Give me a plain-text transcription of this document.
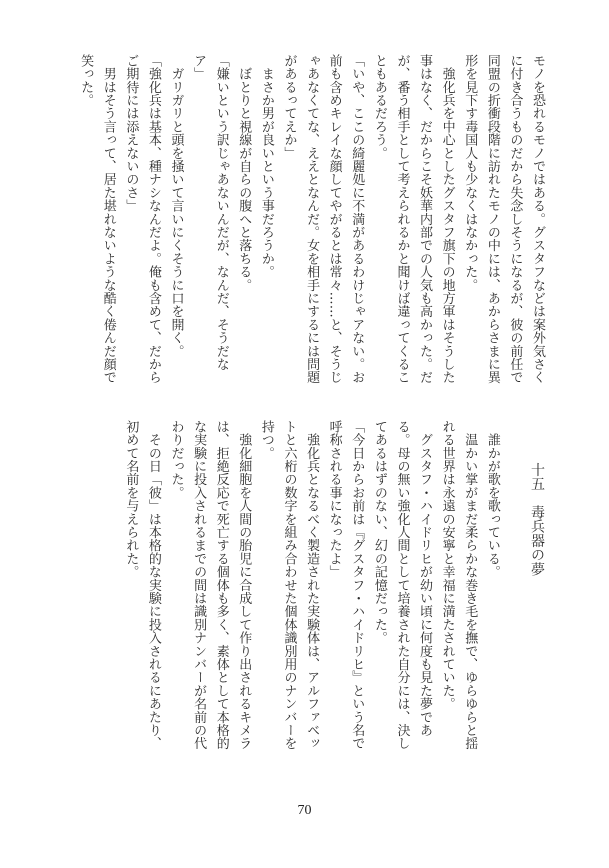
モノを恐れるモノではある。グスタフなどは案外気さく
に付き合うものだから失念しそうになるが、彼の前任で
同盟の折衝段階に訪れたモノの中には、あからさまに異
形を見下す毒国人も少なくはなかった。
　強化兵を中心としたグスタフ旗下の地方軍はそうした
事はなく、だからこそ妖華内部での人気も高かった。だ
が、番う相手として考えられるかと聞けば違ってくるこ
ともあるだろう。
「いや、ここの綺麗処に不満があるわけじゃアない。お
前も含めキレイな顔してやがるとは常々……と、そうじ
ゃあなくてな、ええとなんだ。女を相手にするには問題
があるってえか」
　まさか男が良いという事だろうか。
　ぼとりと視線が自らの腹へと落ちる。
「嫌いという訳じゃあないんだが、なんだ、そうだな
ア」
　ガリガリと頭を掻いて言いにくそうに口を開く。
「強化兵は基本、種ナシなんだよ。俺も含めて、だから
ご期待には添えないのさ」
　男はそう言って、居た堪れないような酷く倦んだ顔で
笑った。
　　　十五　毒兵器の夢
　誰かが歌を歌っている。
　温かい掌がまだ柔らかな巻き毛を撫で、ゆらゆらと揺
れる世界は永遠の安寧と幸福に満たされていた。
　グスタフ・ハイドリヒが幼い頃に何度も見た夢であ
る。母の無い強化人間として培養された自分には、決し
てあるはずのない、幻の記憶だった。
「今日からお前は『グスタフ・ハイドリヒ』という名で
呼称される事になったよ」
　強化兵となるべく製造された実験体は、アルファベッ
トと六桁の数字を組み合わせた個体識別用のナンバーを
持つ。
　強化細胞を人間の胎児に合成して作り出されるキメラ
は、拒絶反応で死亡する個体も多く、素体として本格的
な実験に投入されるまでの間は識別ナンバーが名前の代
わりだった。
　その日「彼」は本格的な実験に投入されるにあたり、
初めて名前を与えられた。
70
